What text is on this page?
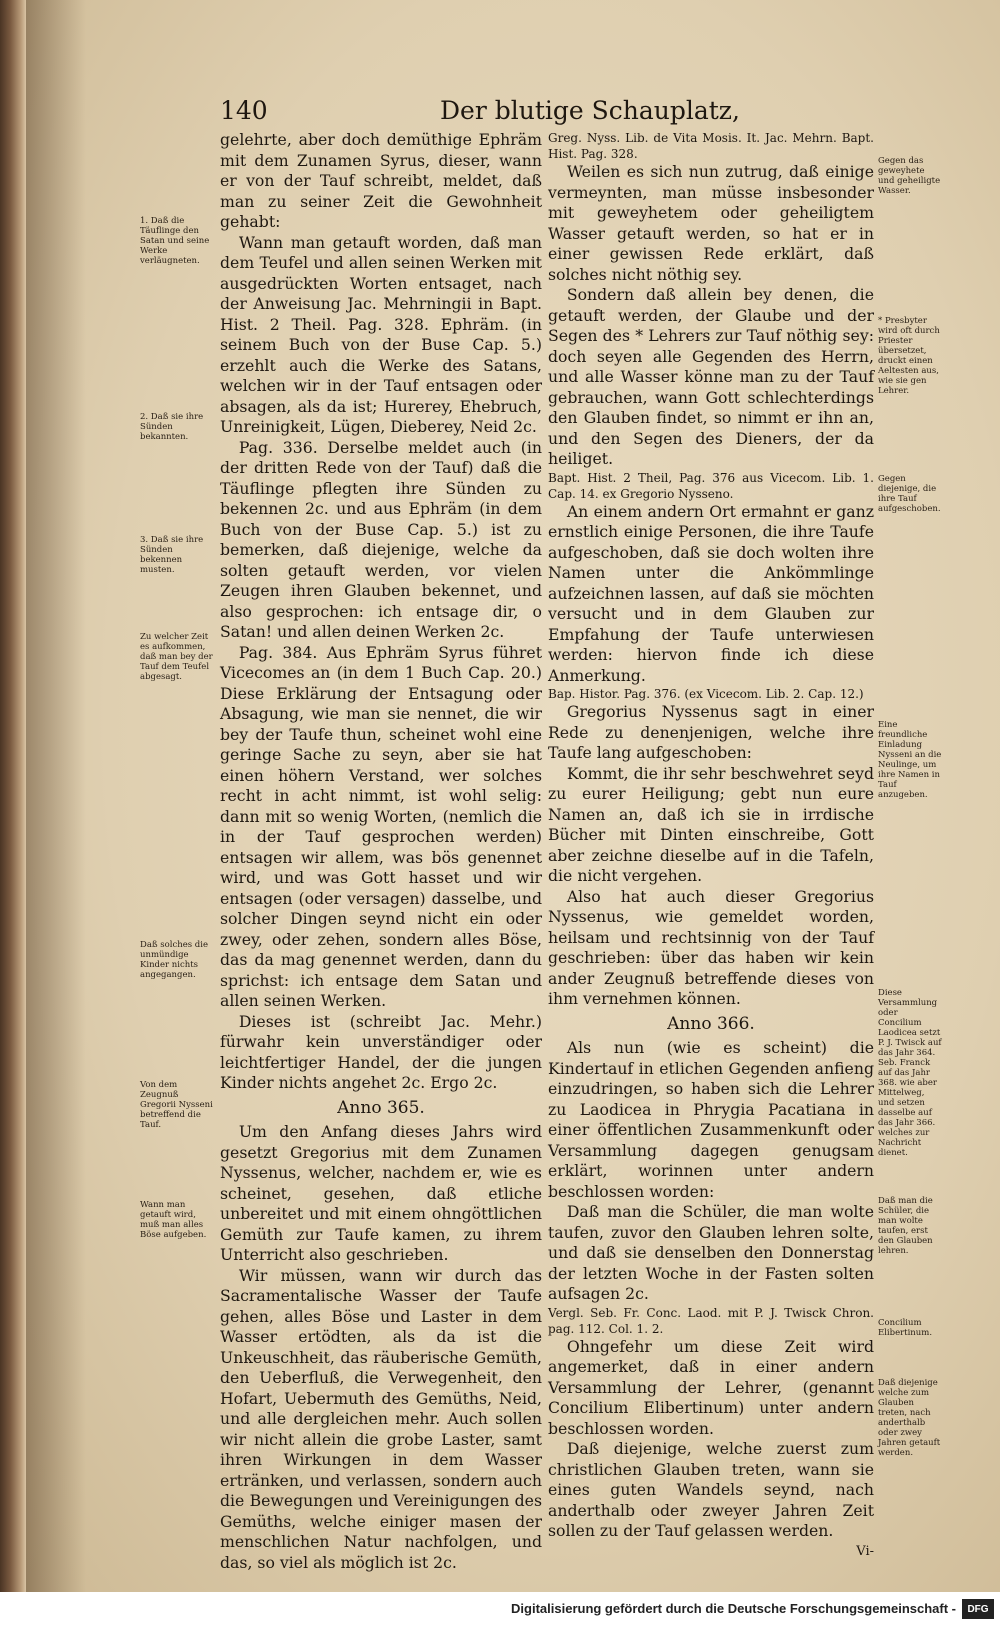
140	Der blutige Schauplatz,

gelehrte, aber doch demüthige Ephräm mit dem Zunamen Syrus, dieser, wann er von der Tauf schreibt, meldet, daß man zu seiner Zeit die Gewohnheit gehabt:

Wann man getauft worden, daß man dem Teufel und allen seinen Werken mit ausgedrückten Worten entsaget, nach der Anweisung Jac. Mehrningii in Bapt. Hist. 2 Theil. Pag. 328. Ephräm. (in seinem Buch von der Buse Cap. 5.) erzehlt auch die Werke des Satans, welchen wir in der Tauf entsagen oder absagen, als da ist; Hurerey, Ehebruch, Unreinigkeit, Lügen, Dieberey, Neid 2c.

Pag. 336. Derselbe meldet auch (in der dritten Rede von der Tauf) daß die Täuflinge pflegten ihre Sünden zu bekennen 2c. und aus Ephräm (in dem Buch von der Buse Cap. 5.) ist zu bemerken, daß diejenige, welche da solten getauft werden, vor vielen Zeugen ihren Glauben bekennet, und also gesprochen: ich entsage dir, o Satan! und allen deinen Werken 2c.

Pag. 384. Aus Ephräm Syrus führet Vicecomes an (in dem 1 Buch Cap. 20.) Diese Erklärung der Entsagung oder Absagung, wie man sie nennet, die wir bey der Taufe thun, scheinet wohl eine geringe Sache zu seyn, aber sie hat einen höhern Verstand, wer solches recht in acht nimmt, ist wohl selig: dann mit so wenig Worten, (nemlich die in der Tauf gesprochen werden) entsagen wir allem, was bös genennet wird, und was Gott hasset und wir entsagen (oder versagen) dasselbe, und solcher Dingen seynd nicht ein oder zwey, oder zehen, sondern alles Böse, das da mag genennet werden, dann du sprichst: ich entsage dem Satan und allen seinen Werken.

Dieses ist (schreibt Jac. Mehr.) fürwahr kein unverständiger oder leichtfertiger Handel, der die jungen Kinder nichts angehet 2c. Ergo 2c.

Anno 365.

Um den Anfang dieses Jahrs wird gesetzt Gregorius mit dem Zunamen Nyssenus, welcher, nachdem er, wie es scheinet, gesehen, daß etliche unbereitet und mit einem ohngöttlichen Gemüth zur Taufe kamen, zu ihrem Unterricht also geschrieben.

Wir müssen, wann wir durch das Sacramentalische Wasser der Taufe gehen, alles Böse und Laster in dem Wasser ertödten, als da ist die Unkeuschheit, das räuberische Gemüth, den Ueberfluß, die Verwegenheit, den Hofart, Uebermuth des Gemüths, Neid, und alle dergleichen mehr. Auch sollen wir nicht allein die grobe Laster, samt ihren Wirkungen in dem Wasser ertränken, und verlassen, sondern auch die Bewegungen und Vereinigungen des Gemüths, welche einiger masen der menschlichen Natur nachfolgen, und das, so viel als möglich ist 2c.

Greg. Nyss. Lib. de Vita Mosis. It. Jac. Mehrn. Bapt. Hist. Pag. 328.

Weilen es sich nun zutrug, daß einige vermeynten, man müsse insbesonder mit geweyhetem oder geheiligtem Wasser getauft werden, so hat er in einer gewissen Rede erklärt, daß solches nicht nöthig sey.

Sondern daß allein bey denen, die getauft werden, der Glaube und der Segen des * Lehrers zur Tauf nöthig sey: doch seyen alle Gegenden des Herrn, und alle Wasser könne man zu der Tauf gebrauchen, wann Gott schlechterdings den Glauben findet, so nimmt er ihn an, und den Segen des Dieners, der da heiliget.

Bapt. Hist. 2 Theil, Pag. 376 aus Vicecom. Lib. 1. Cap. 14. ex Gregorio Nysseno.

An einem andern Ort ermahnt er ganz ernstlich einige Personen, die ihre Taufe aufgeschoben, daß sie doch wolten ihre Namen unter die Ankömmlinge aufzeichnen lassen, auf daß sie möchten versucht und in dem Glauben zur Empfahung der Taufe unterwiesen werden: hiervon finde ich diese Anmerkung.

Bap. Histor. Pag. 376. (ex Vicecom. Lib. 2. Cap. 12.)

Gregorius Nyssenus sagt in einer Rede zu denenjenigen, welche ihre Taufe lang aufgeschoben:

Kommt, die ihr sehr beschwehret seyd zu eurer Heiligung; gebt nun eure Namen an, daß ich sie in irrdische Bücher mit Dinten einschreibe, Gott aber zeichne dieselbe auf in die Tafeln, die nicht vergehen.

Also hat auch dieser Gregorius Nyssenus, wie gemeldet worden, heilsam und rechtsinnig von der Tauf geschrieben: über das haben wir kein ander Zeugnuß betreffende dieses von ihm vernehmen können.

Anno 366.

Als nun (wie es scheint) die Kindertauf in etlichen Gegenden anfieng einzudringen, so haben sich die Lehrer zu Laodicea in Phrygia Pacatiana in einer öffentlichen Zusammenkunft oder Versammlung dagegen genugsam erklärt, worinnen unter andern beschlossen worden:

Daß man die Schüler, die man wolte taufen, zuvor den Glauben lehren solte, und daß sie denselben den Donnerstag der letzten Woche in der Fasten solten aufsagen 2c.

Vergl. Seb. Fr. Conc. Laod. mit P. J. Twisck Chron. pag. 112. Col. 1. 2.

Ohngefehr um diese Zeit wird angemerket, daß in einer andern Versammlung der Lehrer, (genannt Concilium Elibertinum) unter andern beschlossen worden.

Daß diejenige, welche zuerst zum christlichen Glauben treten, wann sie eines guten Wandels seynd, nach anderthalb oder zweyer Jahren Zeit sollen zu der Tauf gelassen werden.

Vi-

1. Daß die Täuflinge den Satan und seine Werke verläugneten.
2. Daß sie ihre Sünden bekannten.
3. Daß sie ihre Sünden bekennen musten.
Zu welcher Zeit es aufkommen, daß man bey der Tauf dem Teufel abgesagt.
Daß solches die unmündige Kinder nichts angegangen.
Von dem Zeugnuß Gregorii Nysseni betreffend die Tauf.
Wann man getauft wird, muß man alles Böse aufgeben.
Gegen das geweyhete und geheiligte Wasser.
* Presbyter wird oft durch Priester übersetzet, druckt einen Aeltesten aus, wie sie gen Lehrer.
Gegen diejenige, die ihre Tauf aufgeschoben.
Eine freundliche Einladung Nysseni an die Neulinge, um ihre Namen in Tauf anzugeben.
Diese Versammlung oder Concilium Laodicea setzt P. J. Twisck auf das Jahr 364. Seb. Franck auf das Jahr 368. wie aber Mittelweg, und setzen dasselbe auf das Jahr 366. welches zur Nachricht dienet.
Daß man die Schüler, die man wolte taufen, erst den Glauben lehren.
Concilium Elibertinum.
Daß diejenige welche zum Glauben treten, nach anderthalb oder zwey Jahren getauft werden.
Digitalisierung gefördert durch die Deutsche Forschungsgemeinschaft -	DFG
